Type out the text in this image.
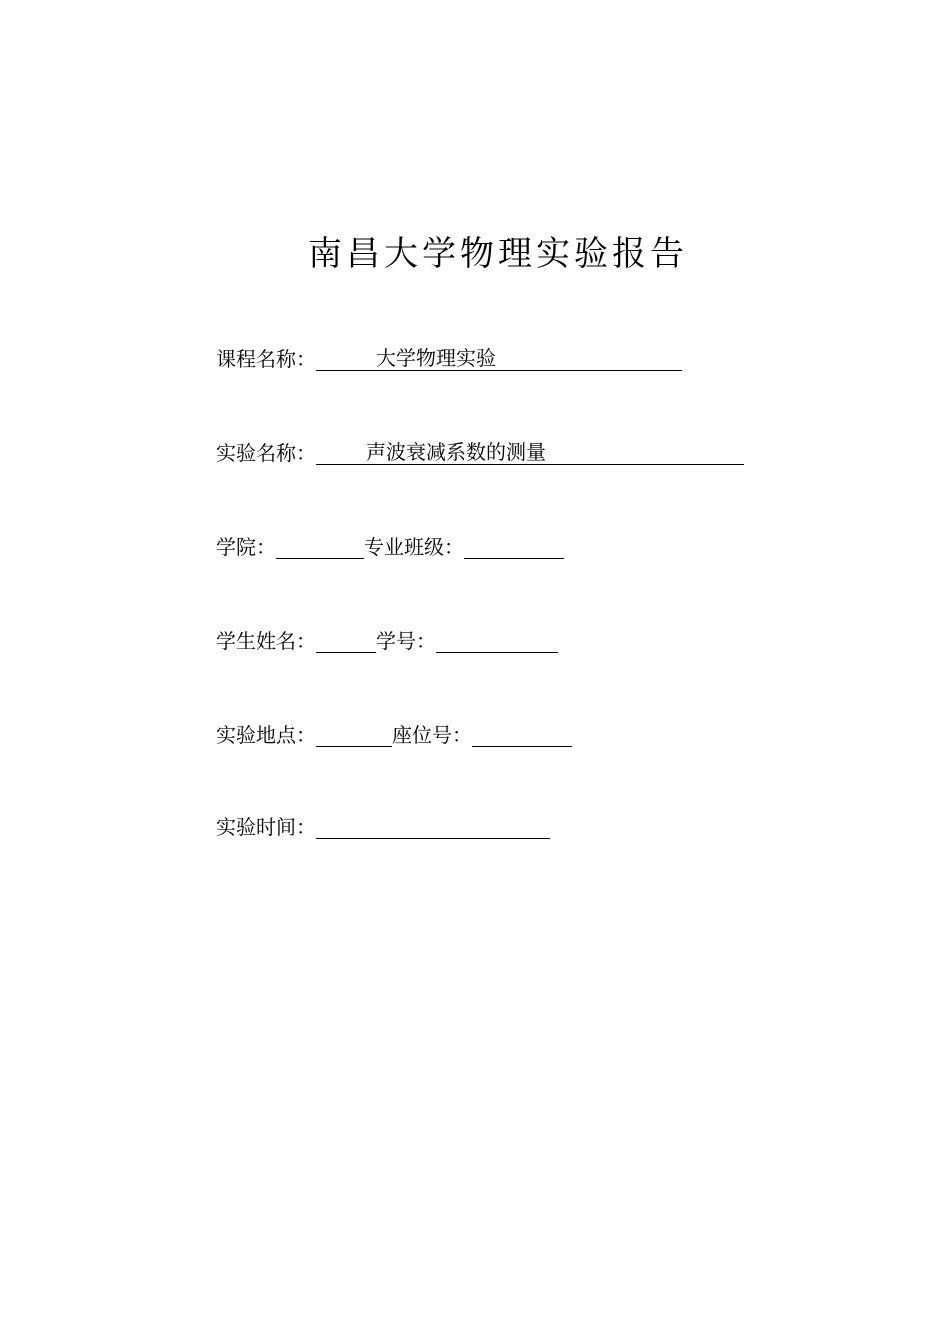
南昌大学物理实验报告
课程名称：	大学物理实验
实验名称：	声波衰减系数的测量
学院：	专业班级：
学生姓名：	学号：
实验地点：	座位号：
实验时间：
